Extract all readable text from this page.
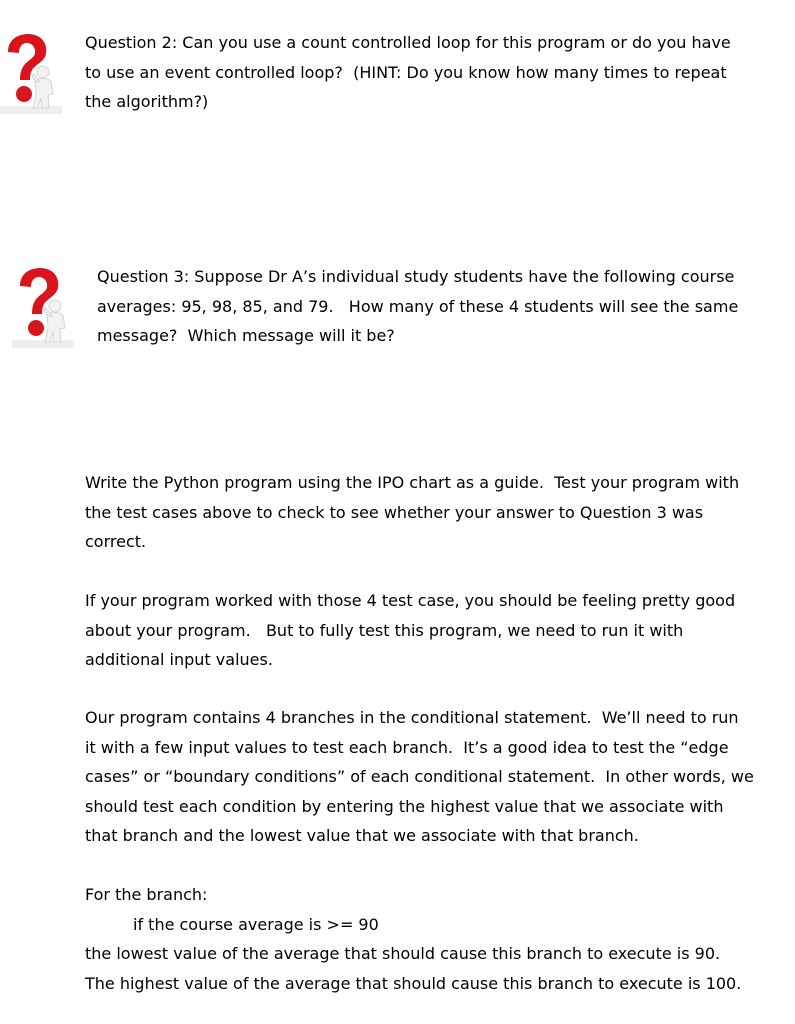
Question 2: Can you use a count controlled loop for this program or do you have
to use an event controlled loop?  (HINT: Do you know how many times to repeat
the algorithm?)
Question 3: Suppose Dr A’s individual study students have the following course
averages: 95, 98, 85, and 79.   How many of these 4 students will see the same
message?  Which message will it be?
Write the Python program using the IPO chart as a guide.  Test your program with
the test cases above to check to see whether your answer to Question 3 was
correct.
If your program worked with those 4 test case, you should be feeling pretty good
about your program.   But to fully test this program, we need to run it with
additional input values.
Our program contains 4 branches in the conditional statement.  We’ll need to run
it with a few input values to test each branch.  It’s a good idea to test the “edge
cases” or “boundary conditions” of each conditional statement.  In other words, we
should test each condition by entering the highest value that we associate with
that branch and the lowest value that we associate with that branch.
For the branch:
if the course average is >= 90
the lowest value of the average that should cause this branch to execute is 90.
The highest value of the average that should cause this branch to execute is 100.
